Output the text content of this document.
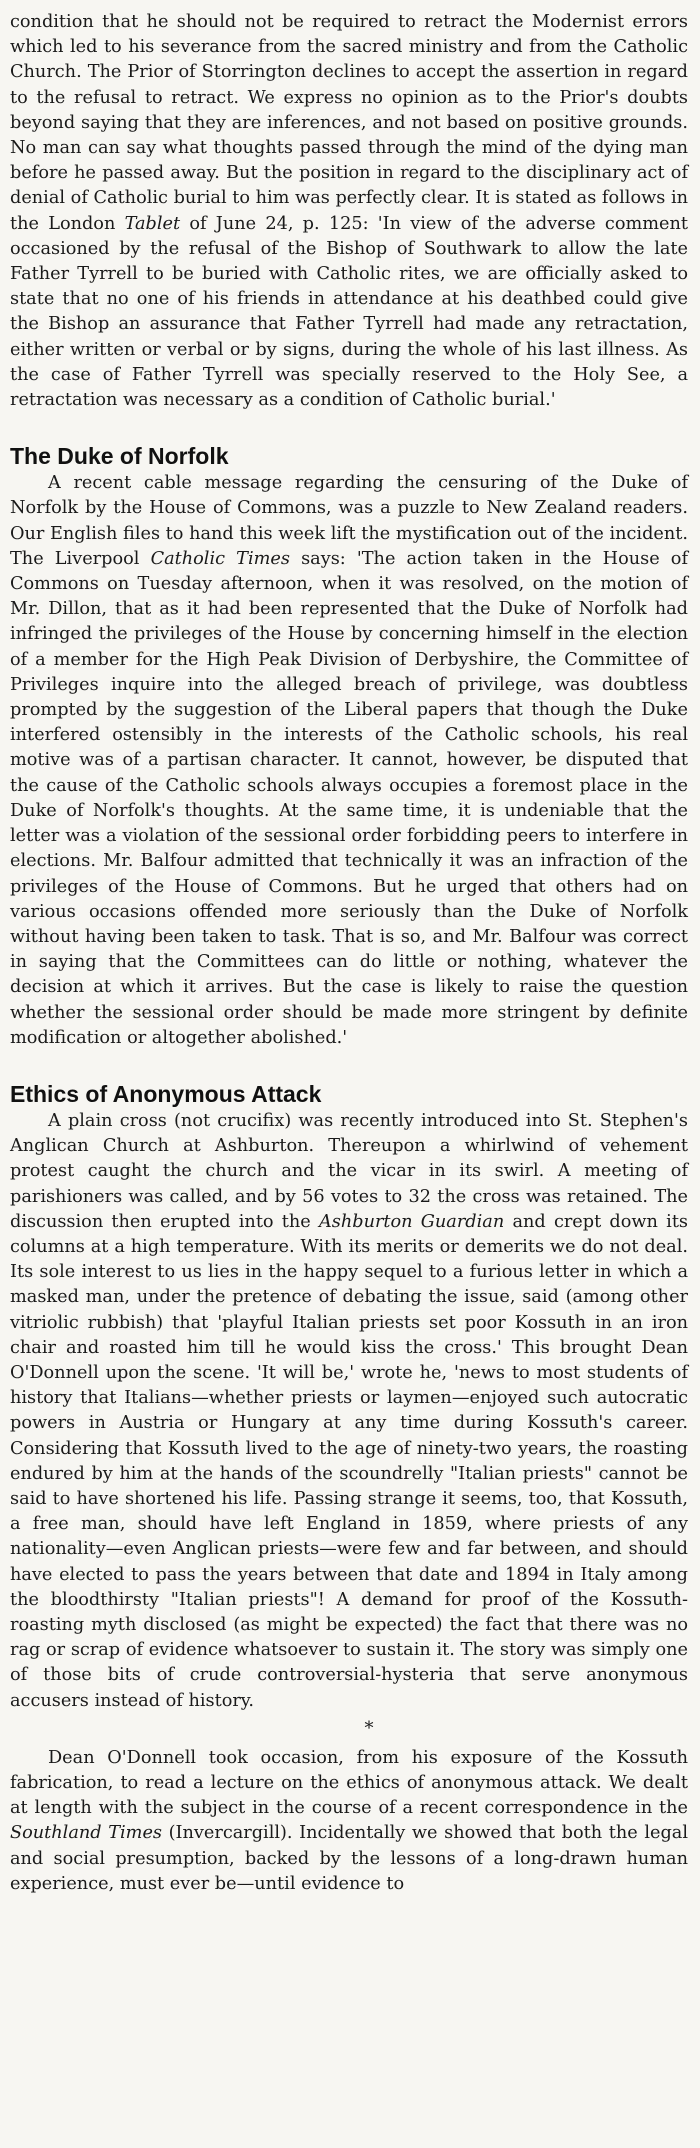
condition that he should not be required to retract the Modernist errors which led to his severance from the sacred ministry and from the Catholic Church. The Prior of Storrington declines to accept the assertion in regard to the refusal to retract. We express no opinion as to the Prior's doubts beyond saying that they are inferences, and not based on positive grounds. No man can say what thoughts passed through the mind of the dying man before he passed away. But the position in regard to the disciplinary act of denial of Catholic burial to him was perfectly clear. It is stated as follows in the London Tablet of June 24, p. 125: 'In view of the adverse comment occasioned by the refusal of the Bishop of Southwark to allow the late Father Tyrrell to be buried with Catholic rites, we are officially asked to state that no one of his friends in attendance at his deathbed could give the Bishop an assurance that Father Tyrrell had made any retractation, either written or verbal or by signs, during the whole of his last illness. As the case of Father Tyrrell was specially reserved to the Holy See, a retractation was necessary as a condition of Catholic burial.'

The Duke of Norfolk

A recent cable message regarding the censuring of the Duke of Norfolk by the House of Commons, was a puzzle to New Zealand readers. Our English files to hand this week lift the mystification out of the incident. The Liverpool Catholic Times says: 'The action taken in the House of Commons on Tuesday afternoon, when it was resolved, on the motion of Mr. Dillon, that as it had been represented that the Duke of Norfolk had infringed the privileges of the House by concerning himself in the election of a member for the High Peak Division of Derbyshire, the Committee of Privileges inquire into the alleged breach of privilege, was doubtless prompted by the suggestion of the Liberal papers that though the Duke interfered ostensibly in the interests of the Catholic schools, his real motive was of a partisan character. It cannot, however, be disputed that the cause of the Catholic schools always occupies a foremost place in the Duke of Norfolk's thoughts. At the same time, it is undeniable that the letter was a violation of the sessional order forbidding peers to interfere in elections. Mr. Balfour admitted that technically it was an infraction of the privileges of the House of Commons. But he urged that others had on various occasions offended more seriously than the Duke of Norfolk without having been taken to task. That is so, and Mr. Balfour was correct in saying that the Committees can do little or nothing, whatever the decision at which it arrives. But the case is likely to raise the question whether the sessional order should be made more stringent by definite modification or altogether abolished.'

Ethics of Anonymous Attack

A plain cross (not crucifix) was recently introduced into St. Stephen's Anglican Church at Ashburton. Thereupon a whirlwind of vehement protest caught the church and the vicar in its swirl. A meeting of parishioners was called, and by 56 votes to 32 the cross was retained. The discussion then erupted into the Ashburton Guardian and crept down its columns at a high temperature. With its merits or demerits we do not deal. Its sole interest to us lies in the happy sequel to a furious letter in which a masked man, under the pretence of debating the issue, said (among other vitriolic rubbish) that 'playful Italian priests set poor Kossuth in an iron chair and roasted him till he would kiss the cross.' This brought Dean O'Donnell upon the scene. 'It will be,' wrote he, 'news to most students of history that Italians—whether priests or laymen—enjoyed such autocratic powers in Austria or Hungary at any time during Kossuth's career. Considering that Kossuth lived to the age of ninety-two years, the roasting endured by him at the hands of the scoundrelly "Italian priests" cannot be said to have shortened his life. Passing strange it seems, too, that Kossuth, a free man, should have left England in 1859, where priests of any nationality—even Anglican priests—were few and far between, and should have elected to pass the years between that date and 1894 in Italy among the bloodthirsty "Italian priests"! A demand for proof of the Kossuth-roasting myth disclosed (as might be expected) the fact that there was no rag or scrap of evidence whatsoever to sustain it. The story was simply one of those bits of crude controversial-hysteria that serve anonymous accusers instead of history.

*

Dean O'Donnell took occasion, from his exposure of the Kossuth fabrication, to read a lecture on the ethics of anonymous attack. We dealt at length with the subject in the course of a recent correspondence in the Southland Times (Invercargill). Incidentally we showed that both the legal and social presumption, backed by the lessons of a long-drawn human experience, must ever be—until evidence to
